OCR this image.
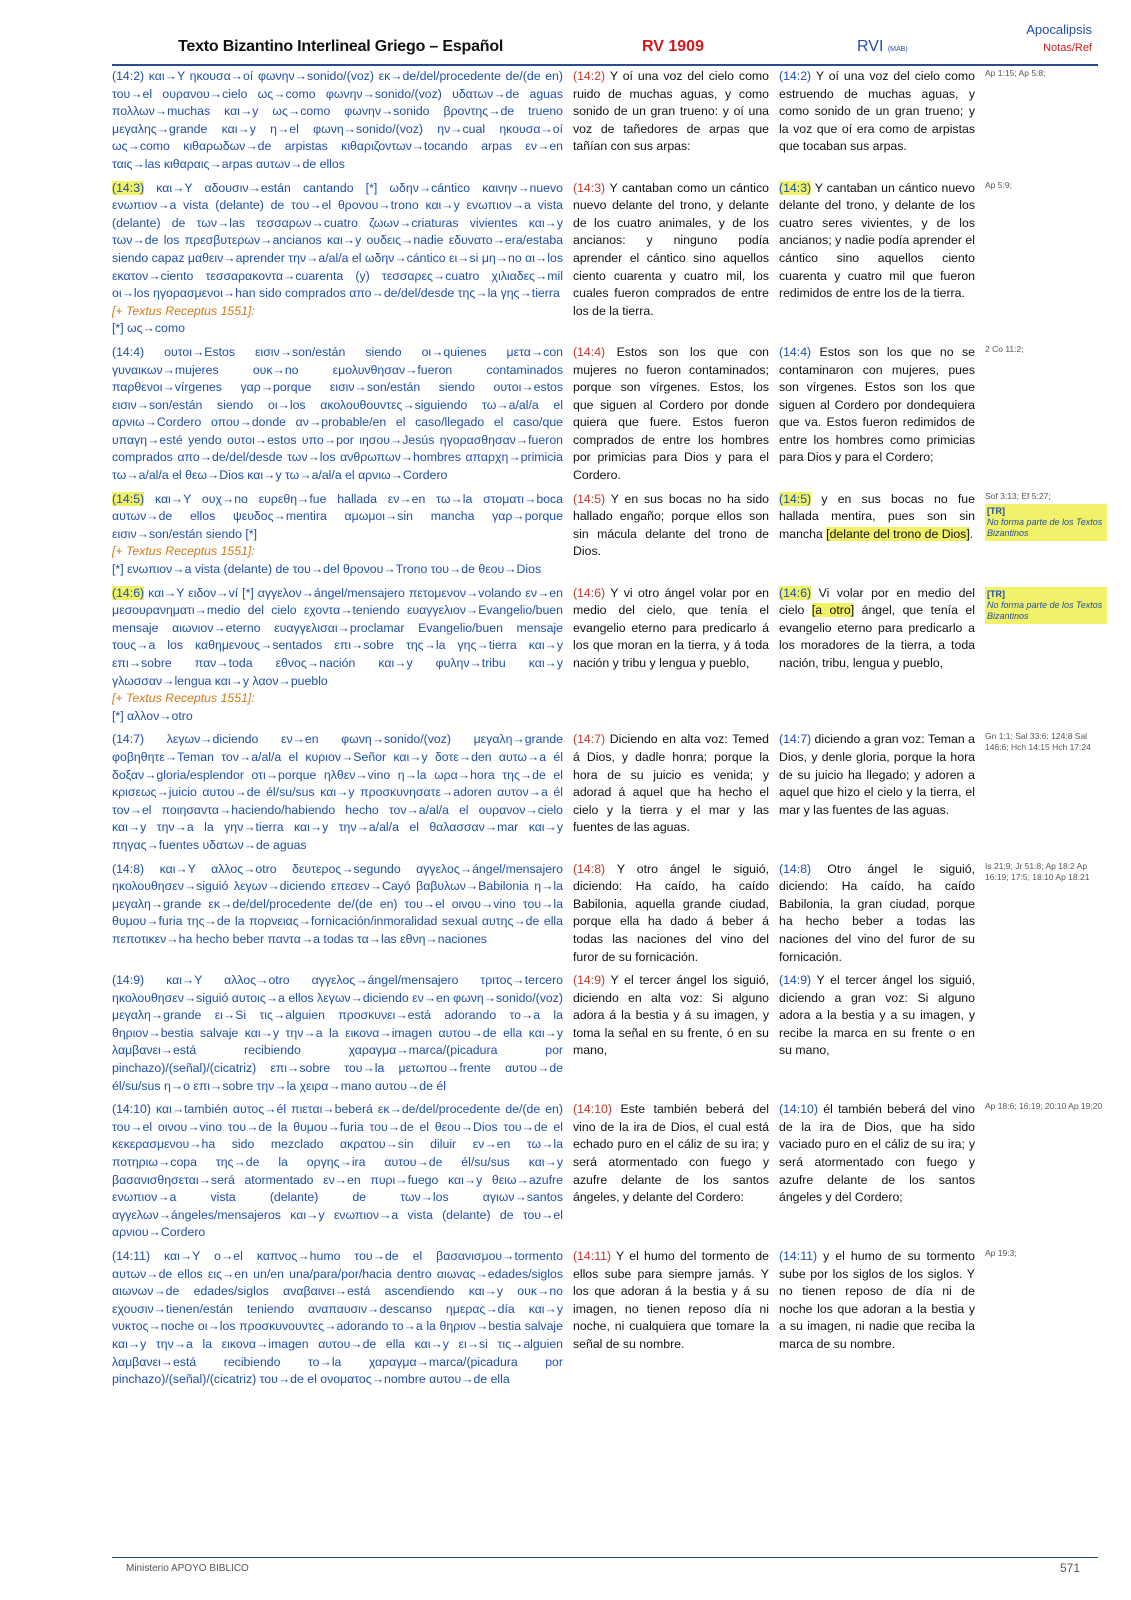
Texto Bizantino Interlineal Griego – Español	RV 1909	RVI (MAB)
Apocalipsis
Notas/Ref
(14:2) και→Y ηκουσα→oí φωνην→sonido/(voz) εκ→de/del/procedente de/(de en) του→el ουρανου→cielo ως→como φωνην→sonido/(voz) υδατων→de aguas πολλων→muchas και→y ως→como φωνην→sonido βροντης→de trueno μεγαλης→grande και→y η→el φωνη→sonido/(voz) ην→cual ηκουσα→oí ως→como κιθαρωδων→de arpistas κιθαριζοντων→tocando arpas εν→en ταις→las κιθαραις→arpas αυτων→de ellos
(14:2) Y oí una voz del cielo como ruido de muchas aguas, y como sonido de un gran trueno: y oí una voz de tañedores de arpas que tañían con sus arpas:
(14:2) Y oí una voz del cielo como estruendo de muchas aguas, y como sonido de un gran trueno; y la voz que oí era como de arpistas que tocaban sus arpas.
Ap 1:15; Ap 5:8;
(14:3) και→Y αδουσιν→están cantando [*] ωδην→cántico καινην→nuevo ενωπιον→a vista (delante) de του→el θρονου→trono και→y ενωπιον→a vista (delante) de των→las τεσσαρων→cuatro ζωων→criaturas vivientes και→y των→de los πρεσβυτερων→ancianos και→y ουδεις→nadie εδυνατο→era/estaba siendo capaz μαθειν→aprender την→a/al/a el ωδην→cántico ει→si μη→no αι→los εκατον→ciento τεσσαρακοντα→cuarenta (y) τεσσαρες→cuatro χιλιαδες→mil οι→los ηγορασμενοι→han sido comprados απο→de/del/desde της→la γης→tierra
[+ Textus Receptus 1551]:
[*] ως→como
(14:3) Y cantaban como un cántico nuevo delante del trono, y delante de los cuatro animales, y de los ancianos: y ninguno podía aprender el cántico sino aquellos ciento cuarenta y cuatro mil, los cuales fueron comprados de entre los de la tierra.
(14:3) Y cantaban un cántico nuevo delante del trono, y delante de los cuatro seres vivientes, y de los ancianos; y nadie podía aprender el cántico sino aquellos ciento cuarenta y cuatro mil que fueron redimidos de entre los de la tierra.
Ap 5:9;
(14:4) ουτοι→Estos εισιν→son/están siendo οι→quienes μετα→con γυναικων→mujeres ουκ→no εμολυνθησαν→fueron contaminados παρθενοι→vírgenes γαρ→porque εισιν→son/están siendo ουτοι→estos εισιν→son/están siendo οι→los ακολουθουντες→siguiendo τω→a/al/a el αρνιω→Cordero οπου→donde αν→probable/en el caso/llegado el caso/que υπαγη→esté yendo ουτοι→estos υπο→por ιησου→Jesús ηγορασθησαν→fueron comprados απο→de/del/desde των→los ανθρωπων→hombres απαρχη→primicia τω→a/al/a el θεω→Dios και→y τω→a/al/a el αρνιω→Cordero
(14:4) Estos son los que con mujeres no fueron contaminados; porque son vírgenes. Estos, los que siguen al Cordero por donde quiera que fuere. Estos fueron comprados de entre los hombres por primicias para Dios y para el Cordero.
(14:4) Estos son los que no se contaminaron con mujeres, pues son vírgenes. Estos son los que siguen al Cordero por dondequiera que va. Estos fueron redimidos de entre los hombres como primicias para Dios y para el Cordero;
2 Co 11:2;
(14:5) και→Y ουχ→no ευρεθη→fue hallada εν→en τω→la στοματι→boca αυτων→de ellos ψευδος→mentira αμωμοι→sin mancha γαρ→porque εισιν→son/están siendo [*]
[+ Textus Receptus 1551]:
[*] ενωπιον→a vista (delante) de του→del θρονου→Trono του→de θεου→Dios
(14:5) Y en sus bocas no ha sido hallado engaño; porque ellos son sin mácula delante del trono de Dios.
(14:5) y en sus bocas no fue hallada mentira, pues son sin mancha [delante del trono de Dios].
Sof 3:13; Ef 5:27;
[TR]
No forma parte de los Textos Bizantinos
(14:6) και→Y ειδον→ví [*] αγγελον→ángel/mensajero πετομενον→volando εν→en μεσουρανηματι→medio del cielo εχοντα→teniendo ευαγγελιον→Evangelio/buen mensaje αιωνιον→eterno ευαγγελισαι→proclamar Evangelio/buen mensaje τους→a los καθημενους→sentados επι→sobre της→la γης→tierra και→y επι→sobre παν→toda εθνος→nación και→y φυλην→tribu και→y γλωσσαν→lengua και→y λαον→pueblo
[+ Textus Receptus 1551]:
[*] αλλον→otro
(14:6) Y vi otro ángel volar por en medio del cielo, que tenía el evangelio eterno para predicarlo á los que moran en la tierra, y á toda nación y tribu y lengua y pueblo,
(14:6) Vi volar por en medio del cielo [a otro] ángel, que tenía el evangelio eterno para predicarlo a los moradores de la tierra, a toda nación, tribu, lengua y pueblo,
[TR]
No forma parte de los Textos Bizantinos
(14:7) λεγων→diciendo εν→en φωνη→sonido/(voz) μεγαλη→grande φοβηθητε→Teman τον→a/al/a el κυριον→Señor και→y δοτε→den αυτω→a él δοξαν→gloria/esplendor οτι→porque ηλθεν→vino η→la ωρα→hora της→de el κρισεως→juicio αυτου→de él/su/sus και→y προσκυνησατε→adoren αυτον→a él τον→el ποιησαντα→haciendo/habiendo hecho τον→a/al/a el ουρανον→cielo και→y την→a la γην→tierra και→y την→a/al/a el θαλασσαν→mar και→y πηγας→fuentes υδατων→de aguas
(14:7) Diciendo en alta voz: Temed á Dios, y dadle honra; porque la hora de su juicio es venida; y adorad á aquel que ha hecho el cielo y la tierra y el mar y las fuentes de las aguas.
(14:7) diciendo a gran voz: Teman a Dios, y denle gloria, porque la hora de su juicio ha llegado; y adoren a aquel que hizo el cielo y la tierra, el mar y las fuentes de las aguas.
Gn 1:1; Sal 33:6; 124:8 Sal 146:6; Hch 14:15 Hch 17:24
(14:8) και→Y αλλος→otro δευτερος→segundo αγγελος→ángel/mensajero ηκολουθησεν→siguió λεγων→diciendo επεσεν→Cayó βαβυλων→Babilonia η→la μεγαλη→grande εκ→de/del/procedente de/(de en) του→el οινου→vino του→la θυμου→furia της→de la πορνειας→fornicación/inmoralidad sexual αυτης→de ella πεποτικεν→ha hecho beber παντα→a todas τα→las εθνη→naciones
(14:8) Y otro ángel le siguió, diciendo: Ha caído, ha caído Babilonia, aquella grande ciudad, porque ella ha dado á beber á todas las naciones del vino del furor de su fornicación.
(14:8) Otro ángel le siguió, diciendo: Ha caído, ha caído Babilonia, la gran ciudad, porque ha hecho beber a todas las naciones del vino del furor de su fornicación.
Is 21:9; Jr 51:8; Ap 18:2 Ap 16:19; 17:5; 18:10 Ap 18:21
(14:9) και→Y αλλος→otro αγγελος→ángel/mensajero τριτος→tercero ηκολουθησεν→siguió αυτοις→a ellos λεγων→diciendo εν→en φωνη→sonido/(voz) μεγαλη→grande ει→Si τις→alguien προσκυνει→está adorando το→a la θηριον→bestia salvaje και→y την→a la εικονα→imagen αυτου→de ella και→y λαμβανει→está recibiendo χαραγμα→marca/(picadura por pinchazo)/(señal)/(cicatriz) επι→sobre του→la μετωπου→frente αυτου→de él/su/sus η→o επι→sobre την→la χειρα→mano αυτου→de él
(14:9) Y el tercer ángel los siguió, diciendo en alta voz: Si alguno adora á la bestia y á su imagen, y toma la señal en su frente, ó en su mano,
(14:9) Y el tercer ángel los siguió, diciendo a gran voz: Si alguno adora a la bestia y a su imagen, y recibe la marca en su frente o en su mano,
(14:10) και→también αυτος→él πιεται→beberá εκ→de/del/procedente de/(de en) του→el οινου→vino του→de la θυμου→furia του→de el θεου→Dios του→de el κεκερασμενου→ha sido mezclado ακρατου→sin diluir εν→en τω→la ποτηριω→copa της→de la οργης→ira αυτου→de él/su/sus και→y βασανισθησεται→será atormentado εν→en πυρι→fuego και→y θειω→azufre ενωπιον→a vista (delante) de των→los αγιων→santos αγγελων→ángeles/mensajeros και→y ενωπιον→a vista (delante) de του→el αρνιου→Cordero
(14:10) Este también beberá del vino de la ira de Dios, el cual está echado puro en el cáliz de su ira; y será atormentado con fuego y azufre delante de los santos ángeles, y delante del Cordero:
(14:10) él también beberá del vino de la ira de Dios, que ha sido vaciado puro en el cáliz de su ira; y será atormentado con fuego y azufre delante de los santos ángeles y del Cordero;
Ap 18:6; 16:19; 20:10 Ap 19:20
(14:11) και→Y ο→el καπνος→humo του→de el βασανισμου→tormento αυτων→de ellos εις→en un/en una/para/por/hacia dentro αιωνας→edades/siglos αιωνων→de edades/siglos αναβαινει→está ascendiendo και→y ουκ→no εχουσιν→tienen/están teniendo αναπαυσιν→descanso ημερας→día και→y νυκτος→noche οι→los προσκυνουντες→adorando το→a la θηριον→bestia salvaje και→y την→a la εικονα→imagen αυτου→de ella και→y ει→si τις→alguien λαμβανει→está recibiendo το→la χαραγμα→marca/(picadura por pinchazo)/(señal)/(cicatriz) του→de el ονοματος→nombre αυτου→de ella
(14:11) Y el humo del tormento de ellos sube para siempre jamás. Y los que adoran á la bestia y á su imagen, no tienen reposo día ni noche, ni cualquiera que tomare la señal de su nombre.
(14:11) y el humo de su tormento sube por los siglos de los siglos. Y no tienen reposo de día ni de noche los que adoran a la bestia y a su imagen, ni nadie que reciba la marca de su nombre.
Ap 19:3;
Ministerio APOYO BIBLICO	571
